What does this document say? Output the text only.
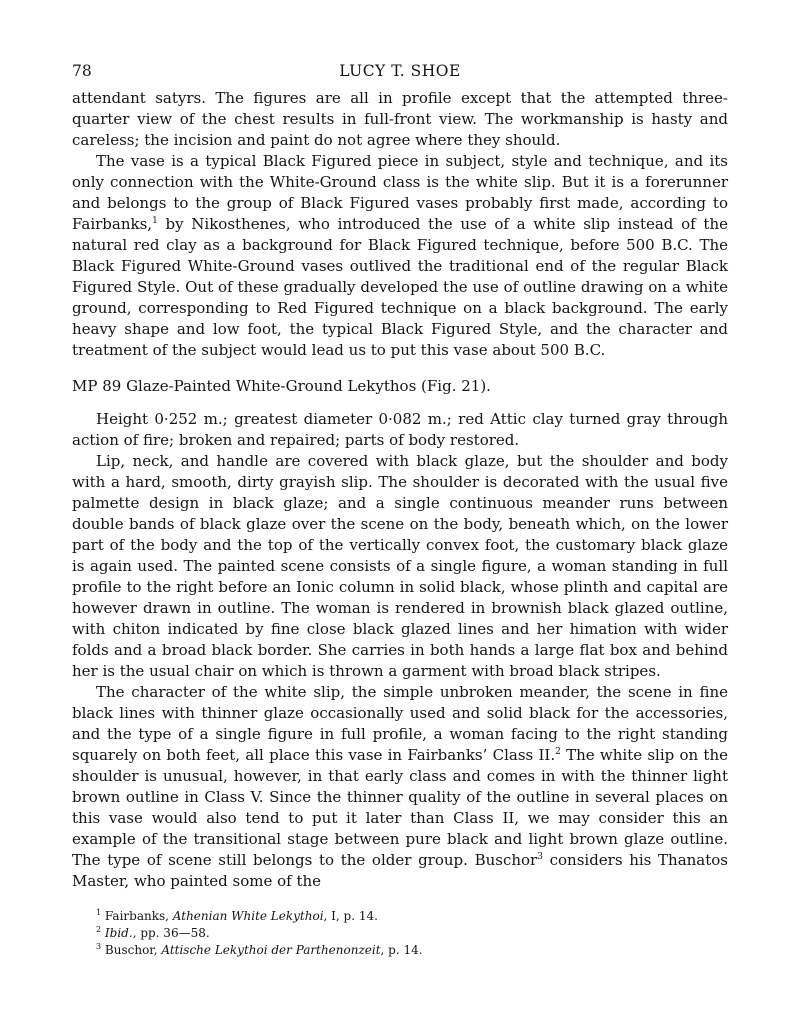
78	LUCY T. SHOE

attendant satyrs. The figures are all in profile except that the attempted three-quarter view of the chest results in full-front view. The workmanship is hasty and careless; the incision and paint do not agree where they should.

The vase is a typical Black Figured piece in subject, style and technique, and its only connection with the White-Ground class is the white slip. But it is a forerunner and belongs to the group of Black Figured vases probably first made, according to Fairbanks,$^1$ by Nikosthenes, who introduced the use of a white slip instead of the natural red clay as a background for Black Figured technique, before 500 B.C. The Black Figured White-Ground vases outlived the traditional end of the regular Black Figured Style. Out of these gradually developed the use of outline drawing on a white ground, corresponding to Red Figured technique on a black background. The early heavy shape and low foot, the typical Black Figured Style, and the character and treatment of the subject would lead us to put this vase about 500 B.C.

MP 89 Glaze-Painted White-Ground Lekythos (Fig. 21).

Height 0·252 m.; greatest diameter 0·082 m.; red Attic clay turned gray through action of fire; broken and repaired; parts of body restored.

Lip, neck, and handle are covered with black glaze, but the shoulder and body with a hard, smooth, dirty grayish slip. The shoulder is decorated with the usual five palmette design in black glaze; and a single continuous meander runs between double bands of black glaze over the scene on the body, beneath which, on the lower part of the body and the top of the vertically convex foot, the customary black glaze is again used. The painted scene consists of a single figure, a woman standing in full profile to the right before an Ionic column in solid black, whose plinth and capital are however drawn in outline. The woman is rendered in brownish black glazed outline, with chiton indicated by fine close black glazed lines and her himation with wider folds and a broad black border. She carries in both hands a large flat box and behind her is the usual chair on which is thrown a garment with broad black stripes.

The character of the white slip, the simple unbroken meander, the scene in fine black lines with thinner glaze occasionally used and solid black for the accessories, and the type of a single figure in full profile, a woman facing to the right standing squarely on both feet, all place this vase in Fairbanks’ Class II.$^2$ The white slip on the shoulder is unusual, however, in that early class and comes in with the thinner light brown outline in Class V. Since the thinner quality of the outline in several places on this vase would also tend to put it later than Class II, we may consider this an example of the transitional stage between pure black and light brown glaze outline. The type of scene still belongs to the older group. Buschor$^3$ considers his Thanatos Master, who painted some of the

$^1$ Fairbanks, Athenian White Lekythoi, I, p. 14.
$^2$ Ibid., pp. 36—58.
$^3$ Buschor, Attische Lekythoi der Parthenonzeit, p. 14.
